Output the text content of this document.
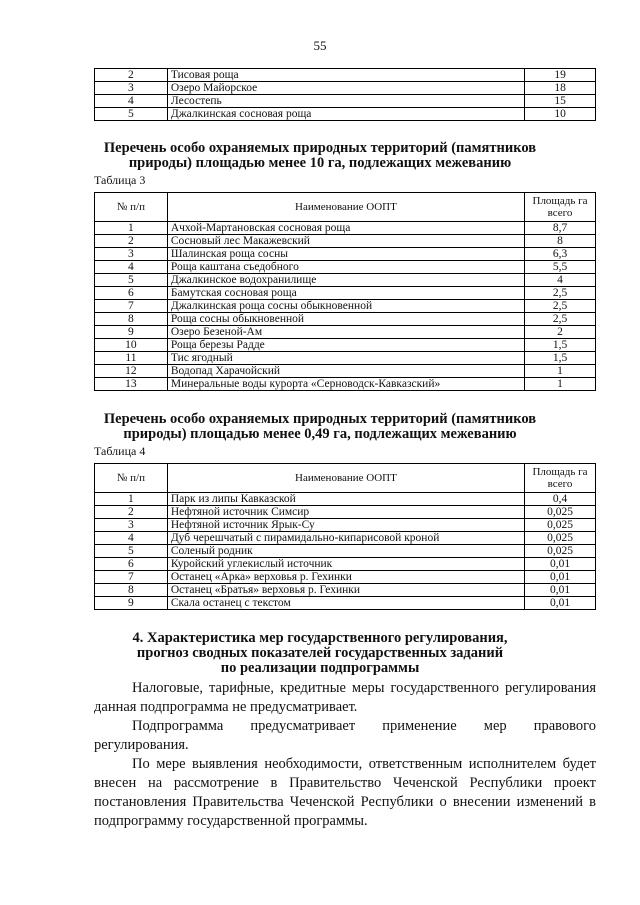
55
2	Тисовая роща	19
3	Озеро Майорское	18
4	Лесостепь	15
5	Джалкинская сосновая роща	10
Перечень особо охраняемых природных территорий (памятников
природы) площадью менее 10 га, подлежащих межеванию
Таблица 3
№ п/п	Наименование ООПТ	Площадь га
всего
1	Ачхой-Мартановская сосновая роща	8,7
2	Сосновый лес Макажевский	8
3	Шалинская роща сосны	6,3
4	Роща каштана съедобного	5,5
5	Джалкинское водохранилище	4
6	Бамутская сосновая роща	2,5
7	Джалкинская роща сосны обыкновенной	2,5
8	Роща сосны обыкновенной	2,5
9	Озеро Безеной-Ам	2
10	Роща березы Радде	1,5
11	Тис ягодный	1,5
12	Водопад Харачойский	1
13	Минеральные воды курорта «Серноводск-Кавказский»	1
Перечень особо охраняемых природных территорий (памятников
природы) площадью менее 0,49 га, подлежащих межеванию
Таблица 4
№ п/п	Наименование ООПТ	Площадь га
всего
1	Парк из липы Кавказской	0,4
2	Нефтяной источник Симсир	0,025
3	Нефтяной источник Ярык-Су	0,025
4	Дуб черешчатый с пирамидально-кипарисовой кроной	0,025
5	Соленый родник	0,025
6	Куройский углекислый источник	0,01
7	Останец «Арка» верховья р. Гехинки	0,01
8	Останец «Братья» верховья р. Гехинки	0,01
9	Скала останец с текстом	0,01
4. Характеристика мер государственного регулирования,
прогноз сводных показателей государственных заданий
по реализации подпрограммы

Налоговые, тарифные, кредитные меры государственного регулирования данная подпрограмма не предусматривает.

Подпрограмма предусматривает применение мер правового
регулирования.

По мере выявления необходимости, ответственным исполнителем будет внесен на рассмотрение в Правительство Чеченской Республики проект постановления Правительства Чеченской Республики о внесении изменений в подпрограмму государственной программы.
